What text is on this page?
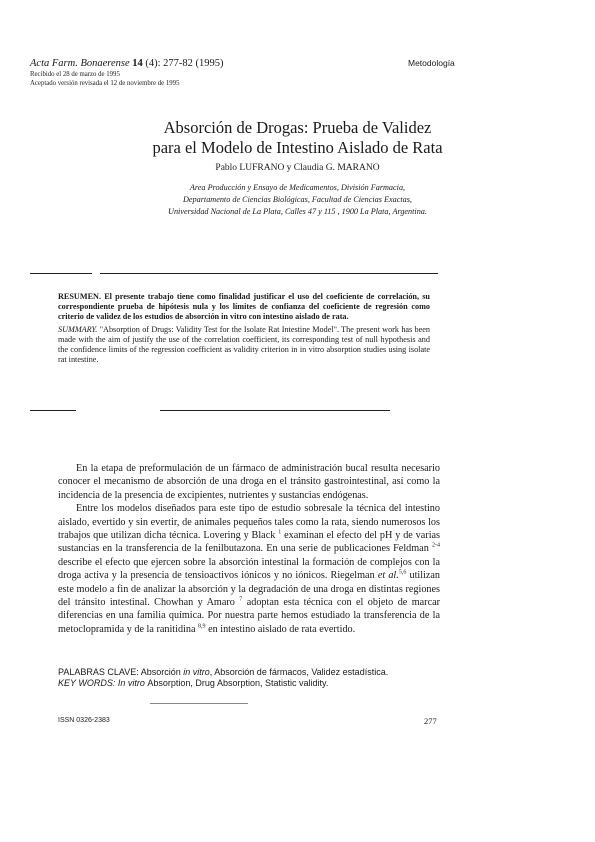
Acta Farm. Bonaerense 14 (4): 277-82 (1995)	Metodología
Recibido el 28 de marzo de 1995
Aceptado versión revisada el 12 de noviembre de 1995
Absorción de Drogas: Prueba de Validez
para el Modelo de Intestino Aislado de Rata
Pablo LUFRANO y Claudia G. MARANO
Area Producción y Ensayo de Medicamentos, División Farmacia,
Departamento de Ciencias Biológicas, Facultad de Ciencias Exactas,
Universidad Nacional de La Plata, Calles 47 y 115 , 1900 La Plata, Argentina.
RESUMEN. El presente trabajo tiene como finalidad justificar el uso del coeficiente de correlación, su correspondiente prueba de hipótesis nula y los límites de confianza del coeficiente de regresión como criterio de validez de los estudios de absorción in vitro con intestino aislado de rata.
SUMMARY. "Absorption of Drugs: Validity Test for the Isolate Rat Intestine Model". The present work has been made with the aim of justify the use of the correlation coefficient, its corresponding test of null hypothesis and the confidence limits of the regression coefficient as validity criterion in in vitro absorption studies using isolate rat intestine.

En la etapa de preformulación de un fármaco de administración bucal resulta necesario conocer el mecanismo de absorción de una droga en el tránsito gastrointestinal, así como la incidencia de la presencia de excipientes, nutrientes y sustancias endógenas.

Entre los modelos diseñados para este tipo de estudio sobresale la técnica del intestino aislado, evertido y sin evertir, de animales pequeños tales como la rata, siendo numerosos los trabajos que utilizan dicha técnica. Lovering y Black $^1$ examinan el efecto del pH y de varias sustancias en la transferencia de la fenilbutazona. En una serie de publicaciones Feldman $^{2-4}$ describe el efecto que ejercen sobre la absorción intestinal la formación de complejos con la droga activa y la presencia de tensioactivos iónicos y no iónicos. Riegelman et al.$^{5,6}$ utilizan este modelo a fin de analizar la absorción y la degradación de una droga en distintas regiones del tránsito intestinal. Chowhan y Amaro $^7$ adoptan esta técnica con el objeto de marcar diferencias en una familia química. Por nuestra parte hemos estudiado la transferencia de la metoclopramida y de la ranitidina $^{8,9}$ en intestino aislado de rata evertido.

PALABRAS CLAVE: Absorción in vitro, Absorción de fármacos, Validez estadística.
KEY WORDS: In vitro Absorption, Drug Absorption, Statistic validity.
ISSN 0326-2383	277
